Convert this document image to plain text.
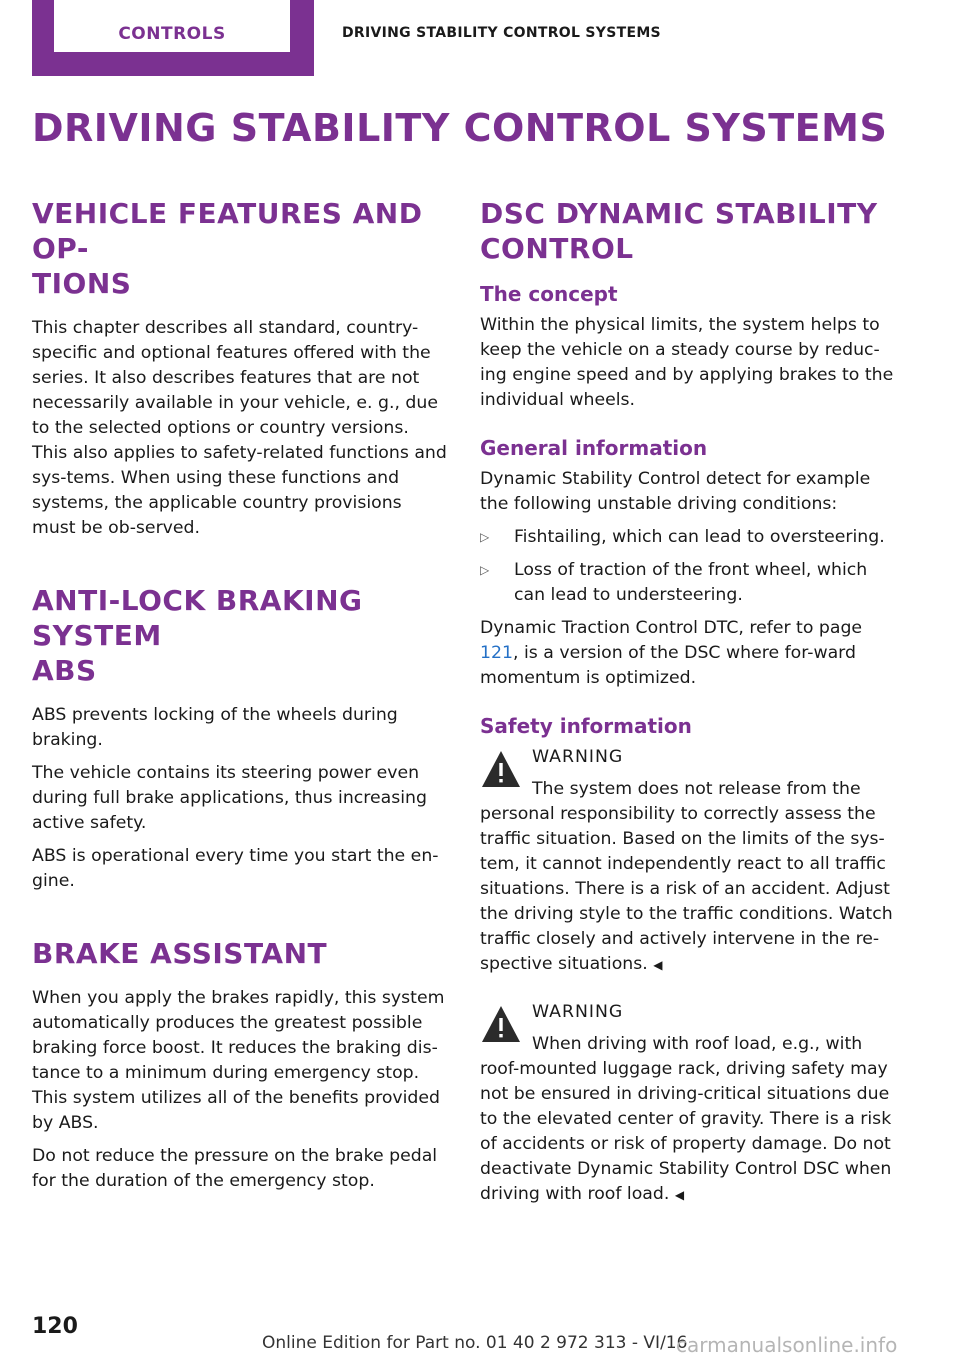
CONTROLS	DRIVING STABILITY CONTROL SYSTEMS
DRIVING STABILITY CONTROL SYSTEMS
VEHICLE FEATURES AND OP-
TIONS

This chapter describes all standard, country-specific and optional features offered with the series. It also describes features that are not necessarily available in your vehicle, e. g., due to the selected options or country versions. This also applies to safety-related functions and sys-tems. When using these functions and systems, the applicable country provisions must be ob-served.

ANTI-LOCK BRAKING SYSTEM
ABS

ABS prevents locking of the wheels during braking.

The vehicle contains its steering power even during full brake applications, thus increasing active safety.

ABS is operational every time you start the en-gine.

BRAKE ASSISTANT

When you apply the brakes rapidly, this system automatically produces the greatest possible braking force boost. It reduces the braking dis-tance to a minimum during emergency stop. This system utilizes all of the benefits provided by ABS.

Do not reduce the pressure on the brake pedal for the duration of the emergency stop.

DSC DYNAMIC STABILITY
CONTROL
The concept

Within the physical limits, the system helps to keep the vehicle on a steady course by reduc-ing engine speed and by applying brakes to the individual wheels.

General information

Dynamic Stability Control detect for example the following unstable driving conditions:

▷	Fishtailing, which can lead to oversteering.
▷	Loss of traction of the front wheel, which can lead to understeering.

Dynamic Traction Control DTC, refer to page 121, is a version of the DSC where for-ward momentum is optimized.

Safety information
WARNING
The system does not release from the personal responsibility to correctly assess the traffic situation. Based on the limits of the sys-tem, it cannot independently react to all traffic situations. There is a risk of an accident. Adjust the driving style to the traffic conditions. Watch traffic closely and actively intervene in the re-spective situations. ◀
WARNING
When driving with roof load, e.g., with roof-mounted luggage rack, driving safety may not be ensured in driving-critical situations due to the elevated center of gravity. There is a risk of accidents or risk of property damage. Do not deactivate Dynamic Stability Control DSC when driving with roof load. ◀
120
Online Edition for Part no. 01 40 2 972 313 - VI/16
carmanualsonline.info
